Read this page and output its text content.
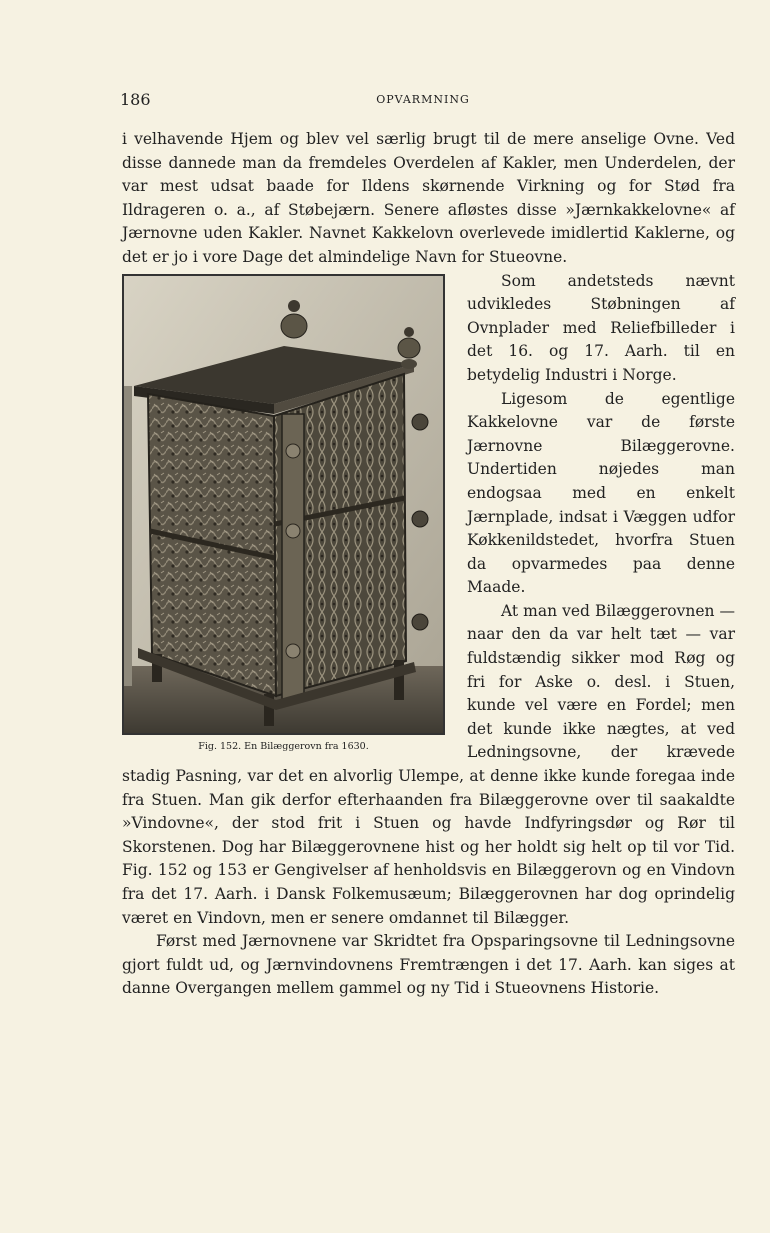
186	OPVARMNING

i velhavende Hjem og blev vel særlig brugt til de mere anselige Ovne. Ved disse dannede man da fremdeles Overdelen af Kakler, men Underdelen, der var mest udsat baade for Ildens skørnende Virkning og for Stød fra Ildrageren o. a., af Støbejærn. Senere afløstes disse »Jærnkakkelovne« af Jærnovne uden Kakler. Navnet Kakkelovn overlevede imidlertid Kaklerne, og det er jo i vore Dage det almindelige Navn for Stueovne.

Fig. 152. En Bilæggerovn fra 1630.

Som andetsteds nævnt udvikledes Støbningen af Ovnplader med Reliefbilleder i det 16. og 17. Aarh. til en betydelig Industri i Norge.

Ligesom de egentlige Kakkelovne var de første Jærnovne Bilæggerovne. Undertiden nøjedes man endogsaa med en enkelt Jærnplade, indsat i Væggen udfor Køkkenildstedet, hvorfra Stuen da opvarmedes paa denne Maade.

At man ved Bilæggerovnen — naar den da var helt tæt — var fuldstændig sikker mod Røg og fri for Aske o. desl. i Stuen, kunde vel være en Fordel; men det kunde ikke nægtes, at ved Ledningsovne, der krævede stadig Pasning, var det en alvorlig Ulempe, at denne ikke kunde foregaa inde fra Stuen. Man gik derfor efterhaanden fra Bilæggerovne over til saakaldte »Vindovne«, der stod frit i Stuen og havde Indfyringsdør og Rør til Skorstenen. Dog har Bilæggerovnene hist og her holdt sig helt op til vor Tid. Fig. 152 og 153 er Gengivelser af henholdsvis en Bilæggerovn og en Vindovn fra det 17. Aarh. i Dansk Folkemusæum; Bilæggerovnen har dog oprindelig været en Vindovn, men er senere omdannet til Bilægger.

Først med Jærnovnene var Skridtet fra Opsparingsovne til Ledningsovne gjort fuldt ud, og Jærnvindovnens Fremtrængen i det 17. Aarh. kan siges at danne Overgangen mellem gammel og ny Tid i Stueovnens Historie.
